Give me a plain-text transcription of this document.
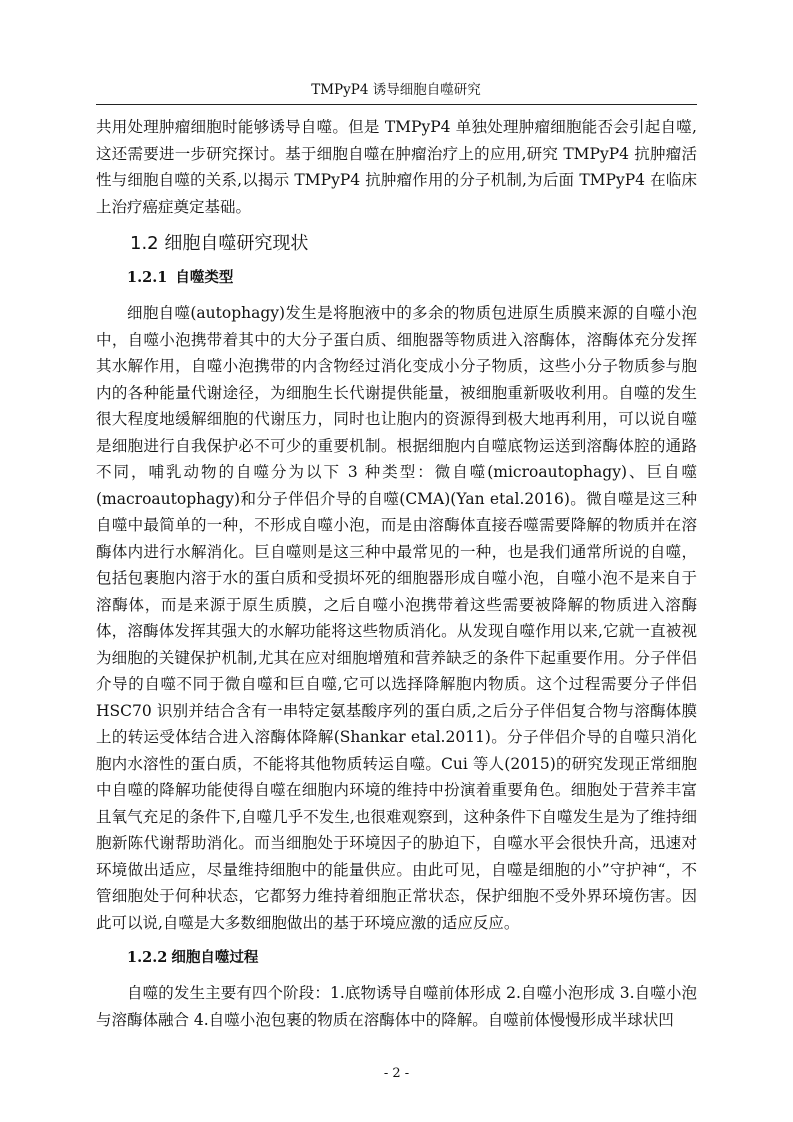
TMPyP4 诱导细胞自噬研究

共用处理肿瘤细胞时能够诱导自噬。但是 TMPyP4 单独处理肿瘤细胞能否会引起自噬,这还需要进一步研究探讨。基于细胞自噬在肿瘤治疗上的应用,研究 TMPyP4 抗肿瘤活性与细胞自噬的关系,以揭示 TMPyP4 抗肿瘤作用的分子机制,为后面 TMPyP4 在临床上治疗癌症奠定基础。

1.2 细胞自噬研究现状
1.2.1 自噬类型

细胞自噬(autophagy)发生是将胞液中的多余的物质包进原生质膜来源的自噬小泡中，自噬小泡携带着其中的大分子蛋白质、细胞器等物质进入溶酶体，溶酶体充分发挥其水解作用，自噬小泡携带的内含物经过消化变成小分子物质，这些小分子物质参与胞内的各种能量代谢途径，为细胞生长代谢提供能量，被细胞重新吸收利用。自噬的发生很大程度地缓解细胞的代谢压力，同时也让胞内的资源得到极大地再利用，可以说自噬是细胞进行自我保护必不可少的重要机制。根据细胞内自噬底物运送到溶酶体腔的通路不同，哺乳动物的自噬分为以下 3 种类型：微自噬(microautophagy)、巨自噬(macroautophagy)和分子伴侣介导的自噬(CMA)(Yan etal.2016)。微自噬是这三种自噬中最简单的一种，不形成自噬小泡，而是由溶酶体直接吞噬需要降解的物质并在溶酶体内进行水解消化。巨自噬则是这三种中最常见的一种，也是我们通常所说的自噬，包括包裹胞内溶于水的蛋白质和受损坏死的细胞器形成自噬小泡，自噬小泡不是来自于溶酶体，而是来源于原生质膜，之后自噬小泡携带着这些需要被降解的物质进入溶酶体，溶酶体发挥其强大的水解功能将这些物质消化。从发现自噬作用以来,它就一直被视为细胞的关键保护机制,尤其在应对细胞增殖和营养缺乏的条件下起重要作用。分子伴侣介导的自噬不同于微自噬和巨自噬,它可以选择降解胞内物质。这个过程需要分子伴侣 HSC70 识别并结合含有一串特定氨基酸序列的蛋白质,之后分子伴侣复合物与溶酶体膜上的转运受体结合进入溶酶体降解(Shankar etal.2011)。分子伴侣介导的自噬只消化胞内水溶性的蛋白质，不能将其他物质转运自噬。Cui 等人(2015)的研究发现正常细胞中自噬的降解功能使得自噬在细胞内环境的维持中扮演着重要角色。细胞处于营养丰富且氧气充足的条件下,自噬几乎不发生,也很难观察到，这种条件下自噬发生是为了维持细胞新陈代谢帮助消化。而当细胞处于环境因子的胁迫下，自噬水平会很快升高，迅速对环境做出适应，尽量维持细胞中的能量供应。由此可见，自噬是细胞的小”守护神“，不管细胞处于何种状态，它都努力维持着细胞正常状态，保护细胞不受外界环境伤害。因此可以说,自噬是大多数细胞做出的基于环境应激的适应反应。

1.2.2 细胞自噬过程

自噬的发生主要有四个阶段：1.底物诱导自噬前体形成 2.自噬小泡形成 3.自噬小泡与溶酶体融合 4.自噬小泡包裹的物质在溶酶体中的降解。自噬前体慢慢形成半球状凹

- 2 -
